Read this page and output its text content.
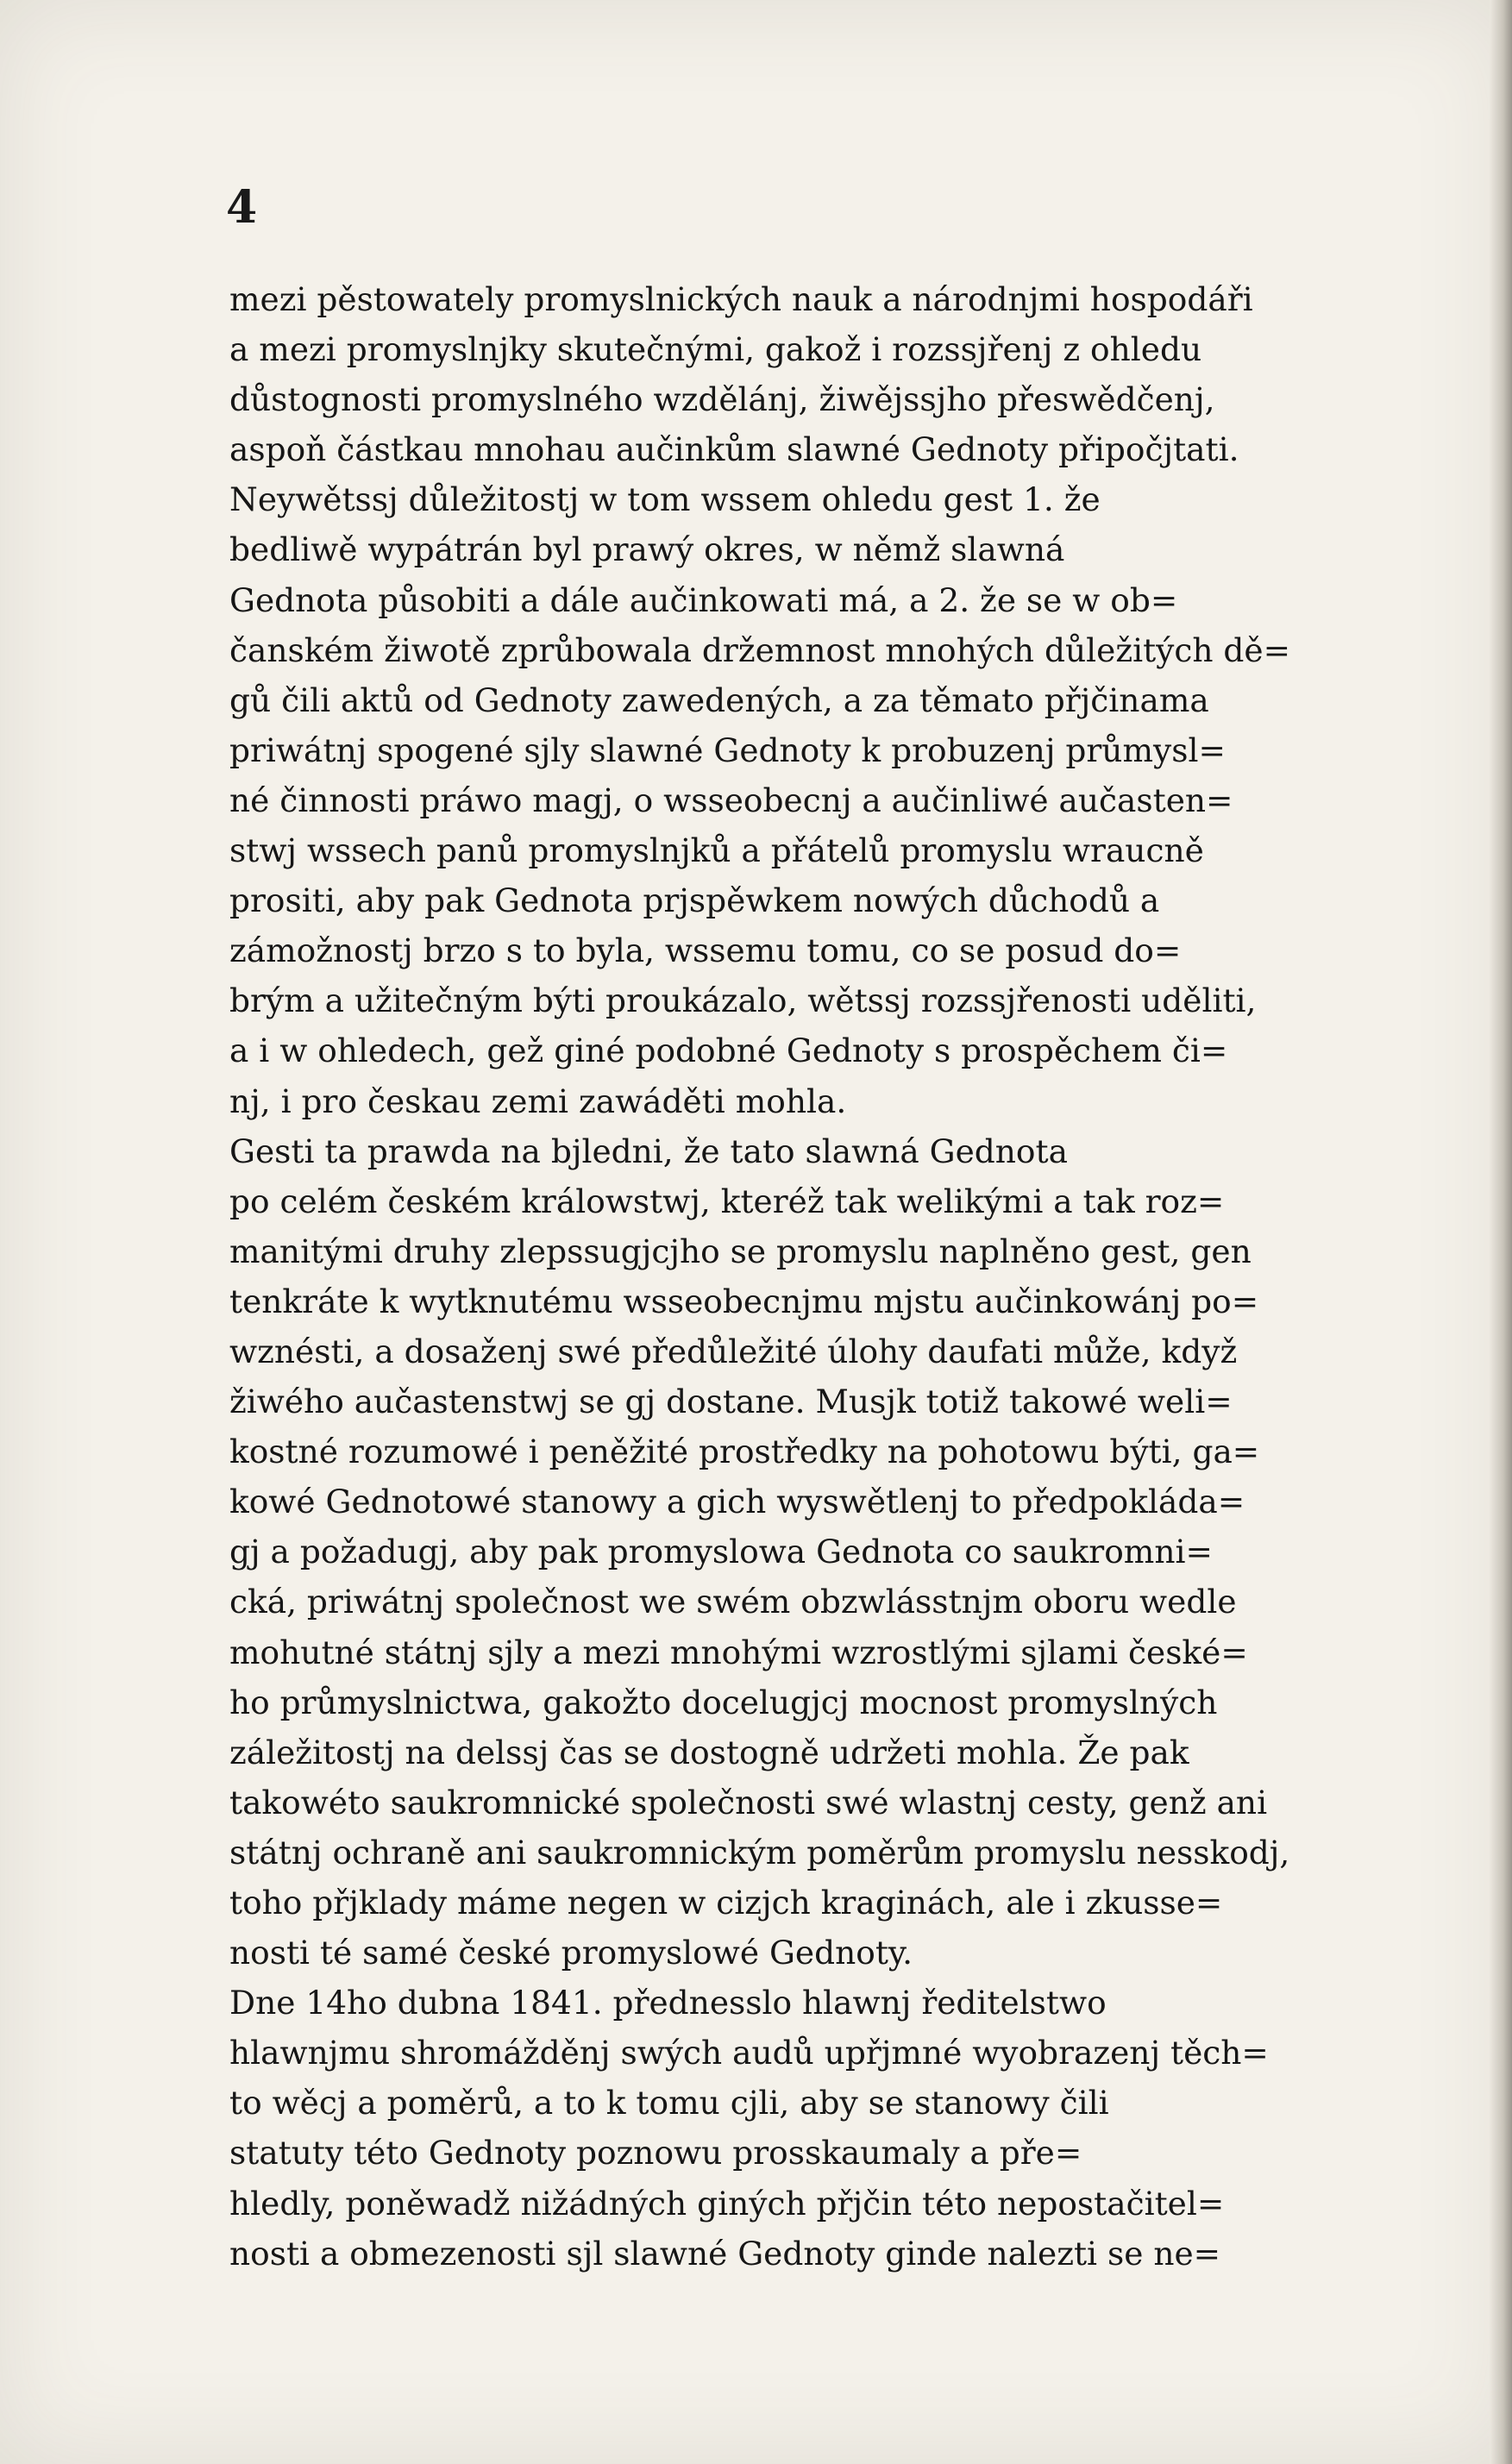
4
mezi pěstowately promyslnických nauk a národnjmi hospodáři
a mezi promyslnjky skutečnými, gakož i rozssjřenj z ohledu
důstognosti promyslného wzdělánj, žiwějssjho přeswědčenj,
aspoň částkau mnohau aučinkům slawné Gednoty připočjtati.
Neywětssj důležitostj w tom wssem ohledu gest 1. že
bedliwě wypátrán byl prawý okres, w němž slawná
Gednota působiti a dále aučinkowati má, a 2. že se w ob=
čanském žiwotě zprůbowala držemnost mnohých důležitých dě=
gů čili aktů od Gednoty zawedených, a za těmato přjčinama
priwátnj spogené sjly slawné Gednoty k probuzenj průmysl=
né činnosti práwo magj, o wsseobecnj a aučinliwé aučasten=
stwj wssech panů promyslnjků a přátelů promyslu wraucně
prositi, aby pak Gednota prjspěwkem nowých důchodů a
zámožnostj brzo s to byla, wssemu tomu, co se posud do=
brým a užitečným býti proukázalo, wětssj rozssjřenosti uděliti,
a i w ohledech, gež giné podobné Gednoty s prospěchem či=
nj, i pro českau zemi zawáděti mohla.
Gesti ta prawda na bjledni, že tato slawná Gednota
po celém českém králowstwj, kteréž tak welikými a tak roz=
manitými druhy zlepssugjcjho se promyslu naplněno gest, gen
tenkráte k wytknutému wsseobecnjmu mjstu aučinkowánj po=
wznésti, a dosaženj swé předůležité úlohy daufati může, když
žiwého aučastenstwj se gj dostane. Musjk totiž takowé weli=
kostné rozumowé i peněžité prostředky na pohotowu býti, ga=
kowé Gednotowé stanowy a gich wyswětlenj to předpokláda=
gj a požadugj, aby pak promyslowa Gednota co saukromni=
cká, priwátnj společnost we swém obzwlásstnjm oboru wedle
mohutné státnj sjly a mezi mnohými wzrostlými sjlami české=
ho průmyslnictwa, gakožto docelugjcj mocnost promyslných
záležitostj na delssj čas se dostogně udržeti mohla. Že pak
takowéto saukromnické společnosti swé wlastnj cesty, genž ani
státnj ochraně ani saukromnickým poměrům promyslu nesskodj,
toho přjklady máme negen w cizjch kraginách, ale i zkusse=
nosti té samé české promyslowé Gednoty.
Dne 14ho dubna 1841. přednesslo hlawnj ředitelstwo
hlawnjmu shromážděnj swých audů upřjmné wyobrazenj těch=
to wěcj a poměrů, a to k tomu cjli, aby se stanowy čili
statuty této Gednoty poznowu prosskaumaly a pře=
hledly, poněwadž nižádných giných přjčin této nepostačitel=
nosti a obmezenosti sjl slawné Gednoty ginde nalezti se ne=
